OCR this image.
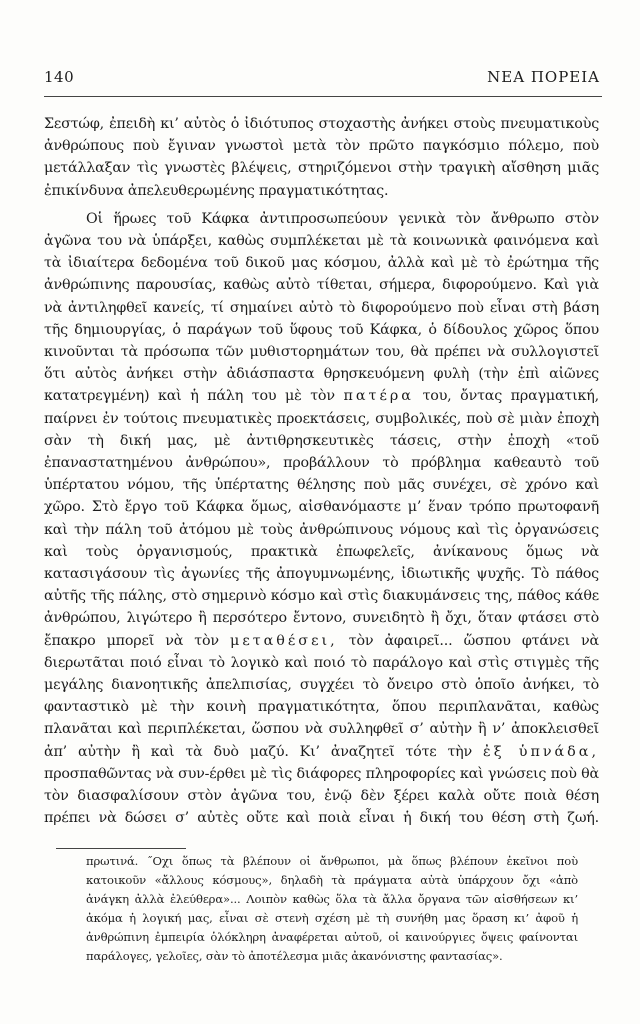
140	ΝΕΑ ΠΟΡΕΙΑ

Σεστώφ, ἐπειδὴ κι’ αὐτὸς ὁ ἰδιότυπος στοχαστὴς ἀνήκει στοὺς πνευματικοὺς ἀνθρώπους ποὺ ἔγιναν γνωστοὶ μετὰ τὸν πρῶτο παγκόσμιο πόλεμο, ποὺ μετάλλαξαν τὶς γνωστὲς βλέψεις, στηριζόμενοι στὴν τραγικὴ αἴσθηση μιᾶς ἐπικίνδυνα ἀπελευθερωμένης πραγματικότητας.

Οἱ ἥρωες τοῦ Κάφκα ἀντιπροσωπεύουν γενικὰ τὸν ἄνθρωπο στὸν ἀγῶνα του νὰ ὑπάρξει, καθὼς συμπλέκεται μὲ τὰ κοινωνικὰ φαινόμενα καὶ τὰ ἰδιαίτερα δεδομένα τοῦ δικοῦ μας κόσμου, ἀλλὰ καὶ μὲ τὸ ἐρώτημα τῆς ἀνθρώπινης παρουσίας, καθὼς αὐτὸ τίθεται, σήμερα, διφορούμενο. Καὶ γιὰ νὰ ἀντιληφθεῖ κανείς, τί σημαίνει αὐτὸ τὸ διφορούμενο ποὺ εἶναι στὴ βάση τῆς δημιουργίας, ὁ παράγων τοῦ ὕφους τοῦ Κάφκα, ὁ δίδουλος χῶρος ὅπου κινοῦνται τὰ πρόσωπα τῶν μυθιστορημάτων του, θὰ πρέπει νὰ συλλογιστεῖ ὅτι αὐτὸς ἀνήκει στὴν ἀδιάσπαστα θρησκευόμενη φυλὴ (τὴν ἐπὶ αἰῶνες κατατρεγμένη) καὶ ἡ πάλη του μὲ τὸν πατέρα του, ὄντας πραγματική, παίρνει ἐν τούτοις πνευματικὲς προεκτάσεις, συμβολικές, ποὺ σὲ μιὰν ἐποχὴ σὰν τὴ δική μας, μὲ ἀντιθρησκευτικὲς τάσεις, στὴν ἐποχὴ «τοῦ ἐπαναστατημένου ἀνθρώπου», προβάλλουν τὸ πρόβλημα καθεαυτὸ τοῦ ὑπέρτατου νόμου, τῆς ὑπέρτατης θέλησης ποὺ μᾶς συνέχει, σὲ χρόνο καὶ χῶρο. Στὸ ἔργο τοῦ Κάφκα ὅμως, αἰσθανόμαστε μ’ ἕναν τρόπο πρωτοφανῆ καὶ τὴν πάλη τοῦ ἀτόμου μὲ τοὺς ἀνθρώπινους νόμους καὶ τὶς ὀργανώσεις καὶ τοὺς ὀργανισμούς, πρακτικὰ ἐπωφελεῖς, ἀνίκανους ὅμως νὰ κατασιγάσουν τὶς ἀγωνίες τῆς ἀπογυμνωμένης, ἰδιωτικῆς ψυχῆς. Τὸ πάθος αὐτῆς τῆς πάλης, στὸ σημερινὸ κόσμο καὶ στὶς διακυμάνσεις της, πάθος κάθε ἀνθρώπου, λιγώτερο ἢ περσότερο ἔντονο, συνειδητὸ ἢ ὄχι, ὅταν φτάσει στὸ ἔπακρο μπορεῖ νὰ τὸν μεταθέσει, τὸν ἀφαιρεῖ... ὥσπου φτάνει νὰ διερωτᾶται ποιό εἶναι τὸ λογικὸ καὶ ποιό τὸ παράλογο καὶ στὶς στιγμὲς τῆς μεγάλης διανοητικῆς ἀπελπισίας, συγχέει τὸ ὄνειρο στὸ ὁποῖο ἀνήκει, τὸ φανταστικὸ μὲ τὴν κοινὴ πραγματικότητα, ὅπου περιπλανᾶται, καθὼς πλανᾶται καὶ περιπλέκεται, ὥσπου νὰ συλληφθεῖ σ’ αὐτὴν ἢ ν’ ἀποκλεισθεῖ ἀπ’ αὐτὴν ἢ καὶ τὰ δυὸ μαζύ. Κι’ ἀναζητεῖ τότε τὴν ἐξ ὑπνάδα, προσπαθῶντας νὰ συν-έρθει μὲ τὶς διάφορες πληροφορίες καὶ γνώσεις ποὺ θὰ τὸν διασφαλίσουν στὸν ἀγῶνα του, ἐνῷ δὲν ξέρει καλὰ οὔτε ποιὰ θέση πρέπει νὰ δώσει σ’ αὐτὲς οὔτε καὶ ποιὰ εἶναι ἡ δική του θέση στὴ ζωή.

πρωτινά. ˝Οχι ὅπως τὰ βλέπουν οἱ ἄνθρωποι, μὰ ὅπως βλέπουν ἐκεῖνοι ποὺ κατοικοῦν «ἄλλους κόσμους», δηλαδὴ τὰ πράγματα αὐτὰ ὑπάρχουν ὄχι «ἀπὸ ἀνάγκη ἀλλὰ ἐλεύθερα»... Λοιπὸν καθὼς ὅλα τὰ ἄλλα ὄργανα τῶν αἰσθήσεων κι’ ἀκόμα ἡ λογική μας, εἶναι σὲ στενὴ σχέση μὲ τὴ συνήθη μας ὅραση κι’ ἀφοῦ ἡ ἀνθρώπινη ἐμπειρία ὁλόκληρη ἀναφέρεται αὐτοῦ, οἱ καινούργιες ὄψεις φαίνονται παράλογες, γελοῖες, σὰν τὸ ἀποτέλεσμα μιᾶς ἀκανόνιστης φαντασίας».
